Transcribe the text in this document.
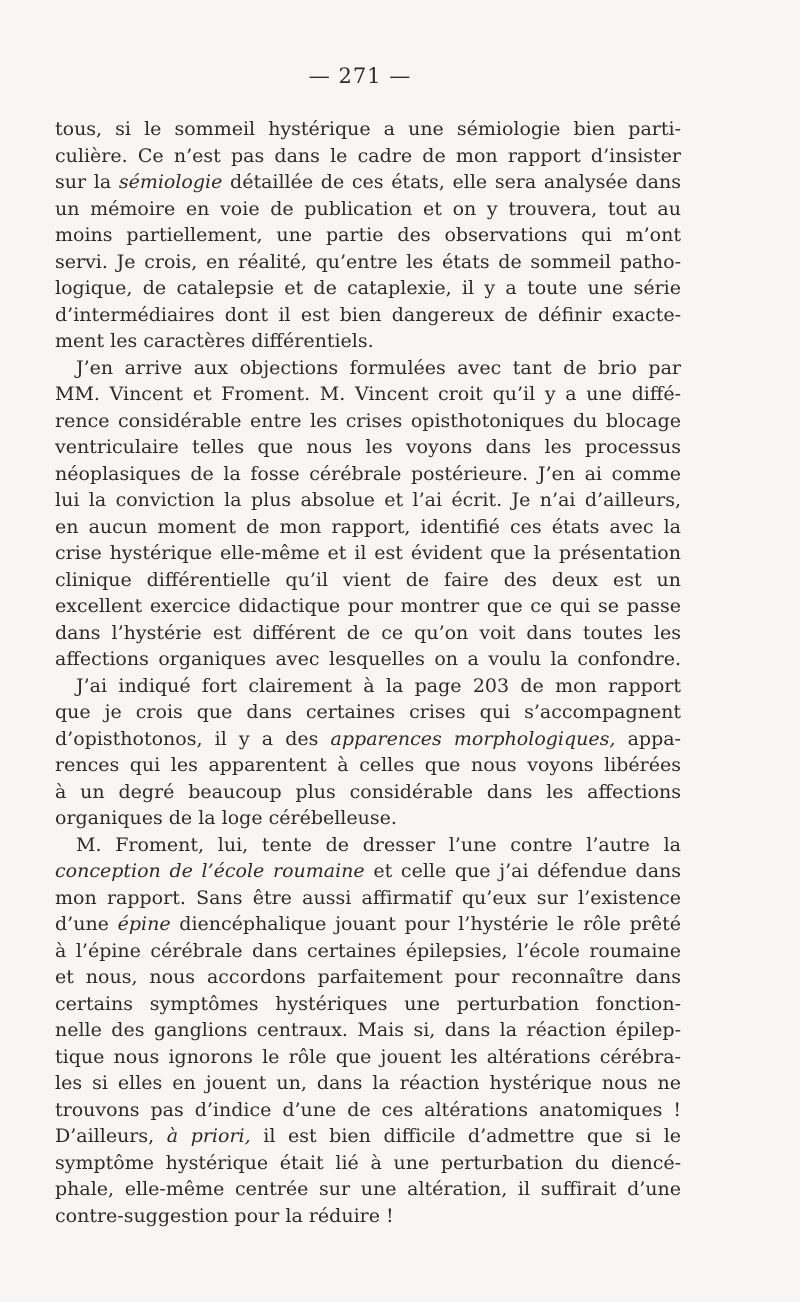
— 271 —
tous, si le sommeil hystérique a une sémiologie bien parti-
culière. Ce n’est pas dans le cadre de mon rapport d’insister
sur la sémiologie détaillée de ces états, elle sera analysée dans
un mémoire en voie de publication et on y trouvera, tout au
moins partiellement, une partie des observations qui m’ont
servi. Je crois, en réalité, qu’entre les états de sommeil patho-
logique, de catalepsie et de cataplexie, il y a toute une série
d’intermédiaires dont il est bien dangereux de définir exacte-
ment les caractères différentiels.
J’en arrive aux objections formulées avec tant de brio par
MM. Vincent et Froment. M. Vincent croit qu’il y a une diffé-
rence considérable entre les crises opisthotoniques du blocage
ventriculaire telles que nous les voyons dans les processus
néoplasiques de la fosse cérébrale postérieure. J’en ai comme
lui la conviction la plus absolue et l’ai écrit. Je n’ai d’ailleurs,
en aucun moment de mon rapport, identifié ces états avec la
crise hystérique elle-même et il est évident que la présentation
clinique différentielle qu’il vient de faire des deux est un
excellent exercice didactique pour montrer que ce qui se passe
dans l’hystérie est différent de ce qu’on voit dans toutes les
affections organiques avec lesquelles on a voulu la confondre.
J’ai indiqué fort clairement à la page 203 de mon rapport
que je crois que dans certaines crises qui s’accompagnent
d’opisthotonos, il y a des apparences morphologiques, appa-
rences qui les apparentent à celles que nous voyons libérées
à un degré beaucoup plus considérable dans les affections
organiques de la loge cérébelleuse.
M. Froment, lui, tente de dresser l’une contre l’autre la
conception de l’école roumaine et celle que j’ai défendue dans
mon rapport. Sans être aussi affirmatif qu’eux sur l’existence
d’une épine diencéphalique jouant pour l’hystérie le rôle prêté
à l’épine cérébrale dans certaines épilepsies, l’école roumaine
et nous, nous accordons parfaitement pour reconnaître dans
certains symptômes hystériques une perturbation fonction-
nelle des ganglions centraux. Mais si, dans la réaction épilep-
tique nous ignorons le rôle que jouent les altérations cérébra-
les si elles en jouent un, dans la réaction hystérique nous ne
trouvons pas d’indice d’une de ces altérations anatomiques !
D’ailleurs, à priori, il est bien difficile d’admettre que si le
symptôme hystérique était lié à une perturbation du diencé-
phale, elle-même centrée sur une altération, il suffirait d’une
contre-suggestion pour la réduire !
